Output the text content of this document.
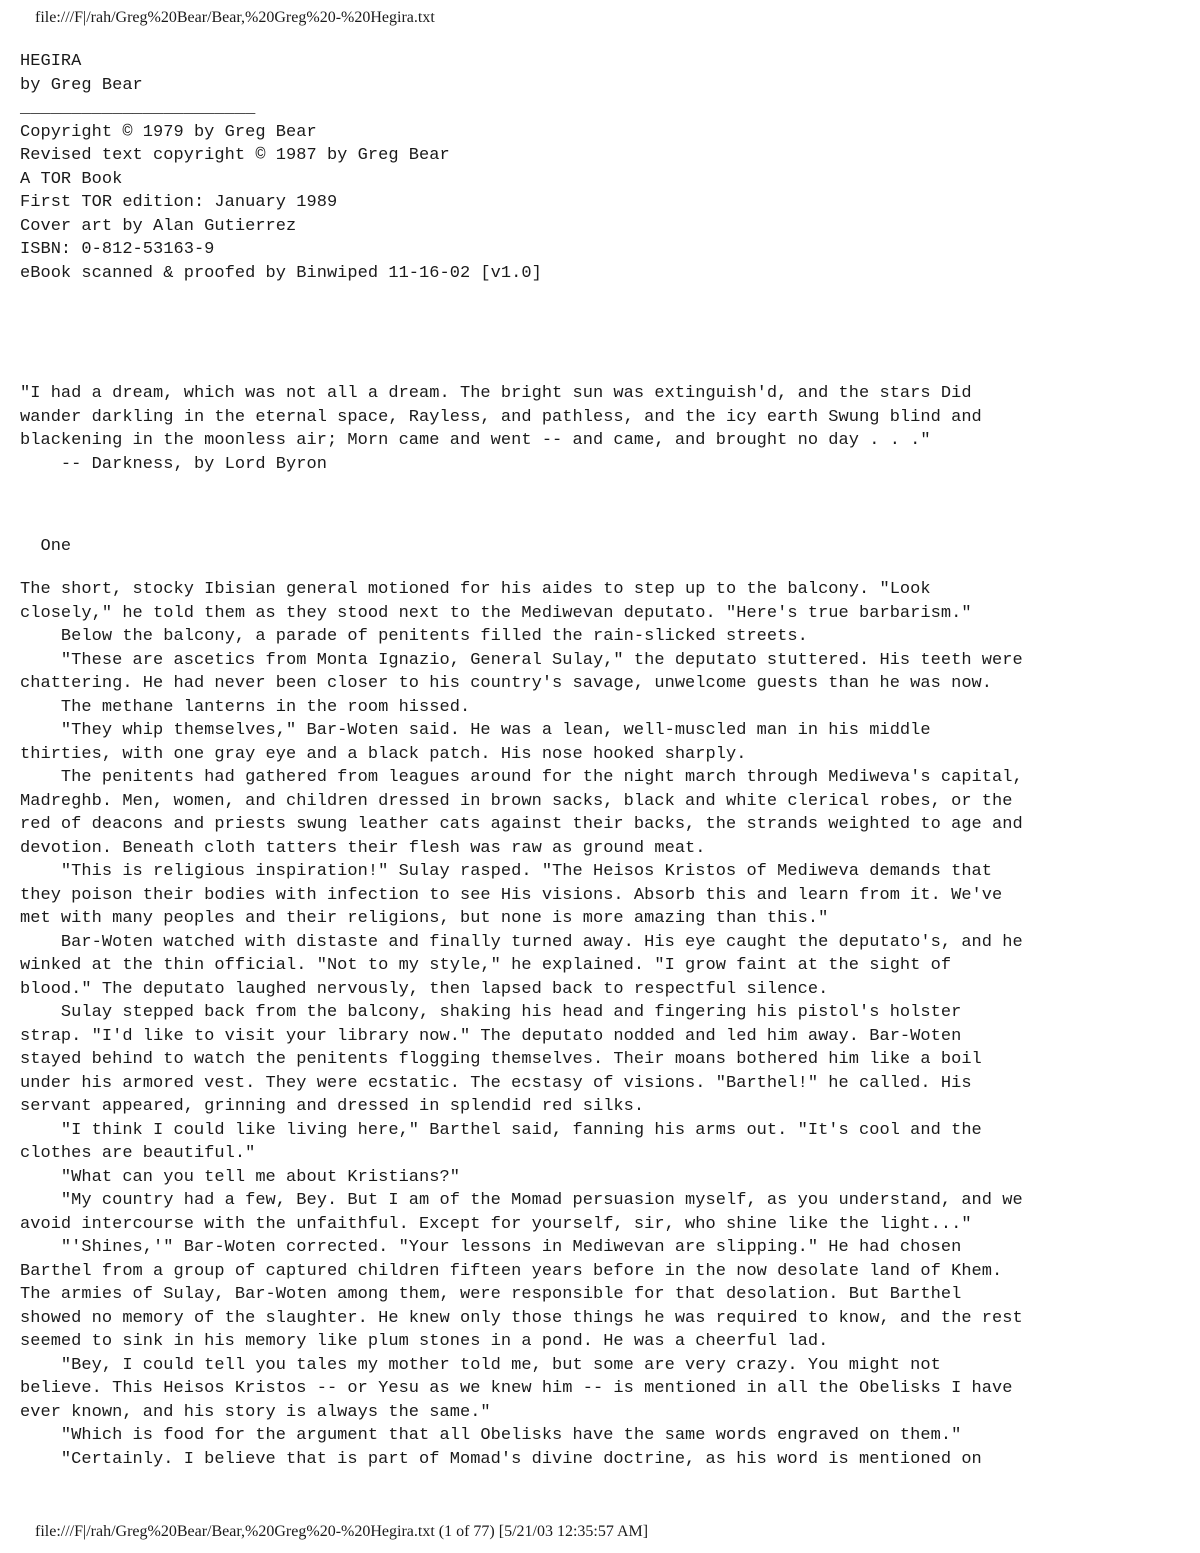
file:///F|/rah/Greg%20Bear/Bear,%20Greg%20-%20Hegira.txt
HEGIRA
by Greg Bear
_______________________
Copyright © 1979 by Greg Bear
Revised text copyright © 1987 by Greg Bear
A TOR Book
First TOR edition: January 1989
Cover art by Alan Gutierrez
ISBN: 0-812-53163-9
eBook scanned & proofed by Binwiped 11-16-02 [v1.0]
"I had a dream, which was not all a dream. The bright sun was extinguish'd, and the stars Did
wander darkling in the eternal space, Rayless, and pathless, and the icy earth Swung blind and
blackening in the moonless air; Morn came and went -- and came, and brought no day . . ."
-- Darkness, by Lord Byron
One
The short, stocky Ibisian general motioned for his aides to step up to the balcony. "Look
closely," he told them as they stood next to the Mediwevan deputato. "Here's true barbarism."
Below the balcony, a parade of penitents filled the rain-slicked streets.
"These are ascetics from Monta Ignazio, General Sulay," the deputato stuttered. His teeth were
chattering. He had never been closer to his country's savage, unwelcome guests than he was now.
The methane lanterns in the room hissed.
"They whip themselves," Bar-Woten said. He was a lean, well-muscled man in his middle
thirties, with one gray eye and a black patch. His nose hooked sharply.
The penitents had gathered from leagues around for the night march through Mediweva's capital,
Madreghb. Men, women, and children dressed in brown sacks, black and white clerical robes, or the
red of deacons and priests swung leather cats against their backs, the strands weighted to age and
devotion. Beneath cloth tatters their flesh was raw as ground meat.
"This is religious inspiration!" Sulay rasped. "The Heisos Kristos of Mediweva demands that
they poison their bodies with infection to see His visions. Absorb this and learn from it. We've
met with many peoples and their religions, but none is more amazing than this."
Bar-Woten watched with distaste and finally turned away. His eye caught the deputato's, and he
winked at the thin official. "Not to my style," he explained. "I grow faint at the sight of
blood." The deputato laughed nervously, then lapsed back to respectful silence.
Sulay stepped back from the balcony, shaking his head and fingering his pistol's holster
strap. "I'd like to visit your library now." The deputato nodded and led him away. Bar-Woten
stayed behind to watch the penitents flogging themselves. Their moans bothered him like a boil
under his armored vest. They were ecstatic. The ecstasy of visions. "Barthel!" he called. His
servant appeared, grinning and dressed in splendid red silks.
"I think I could like living here," Barthel said, fanning his arms out. "It's cool and the
clothes are beautiful."
"What can you tell me about Kristians?"
"My country had a few, Bey. But I am of the Momad persuasion myself, as you understand, and we
avoid intercourse with the unfaithful. Except for yourself, sir, who shine like the light..."
"'Shines,'" Bar-Woten corrected. "Your lessons in Mediwevan are slipping." He had chosen
Barthel from a group of captured children fifteen years before in the now desolate land of Khem.
The armies of Sulay, Bar-Woten among them, were responsible for that desolation. But Barthel
showed no memory of the slaughter. He knew only those things he was required to know, and the rest
seemed to sink in his memory like plum stones in a pond. He was a cheerful lad.
"Bey, I could tell you tales my mother told me, but some are very crazy. You might not
believe. This Heisos Kristos -- or Yesu as we knew him -- is mentioned in all the Obelisks I have
ever known, and his story is always the same."
"Which is food for the argument that all Obelisks have the same words engraved on them."
"Certainly. I believe that is part of Momad's divine doctrine, as his word is mentioned on
file:///F|/rah/Greg%20Bear/Bear,%20Greg%20-%20Hegira.txt (1 of 77) [5/21/03 12:35:57 AM]
